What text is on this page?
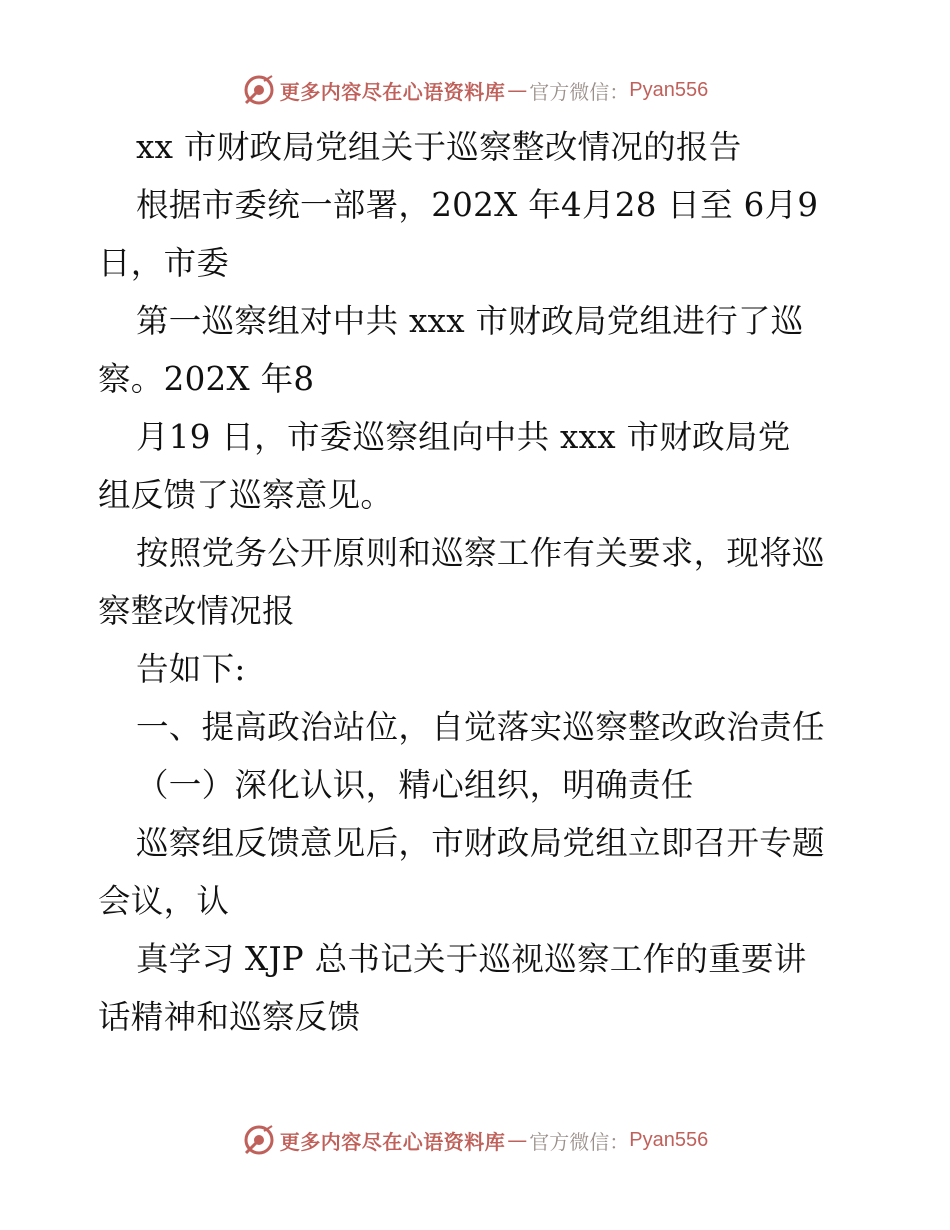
更多内容尽在心语资料库 — 官方微信： Pyan556
xx 市财政局党组关于巡察整改情况的报告
根据市委统一部署，202X 年4月28 日至 6月9
日，市委
第一巡察组对中共 xxx 市财政局党组进行了巡
察。202X 年8
月19 日，市委巡察组向中共 xxx 市财政局党
组反馈了巡察意见。
按照党务公开原则和巡察工作有关要求，现将巡
察整改情况报
告如下:
一、提高政治站位，自觉落实巡察整改政治责任
（一）深化认识，精心组织，明确责任
巡察组反馈意见后，市财政局党组立即召开专题
会议，认
真学习 XJP 总书记关于巡视巡察工作的重要讲
话精神和巡察反馈
更多内容尽在心语资料库 — 官方微信： Pyan556
